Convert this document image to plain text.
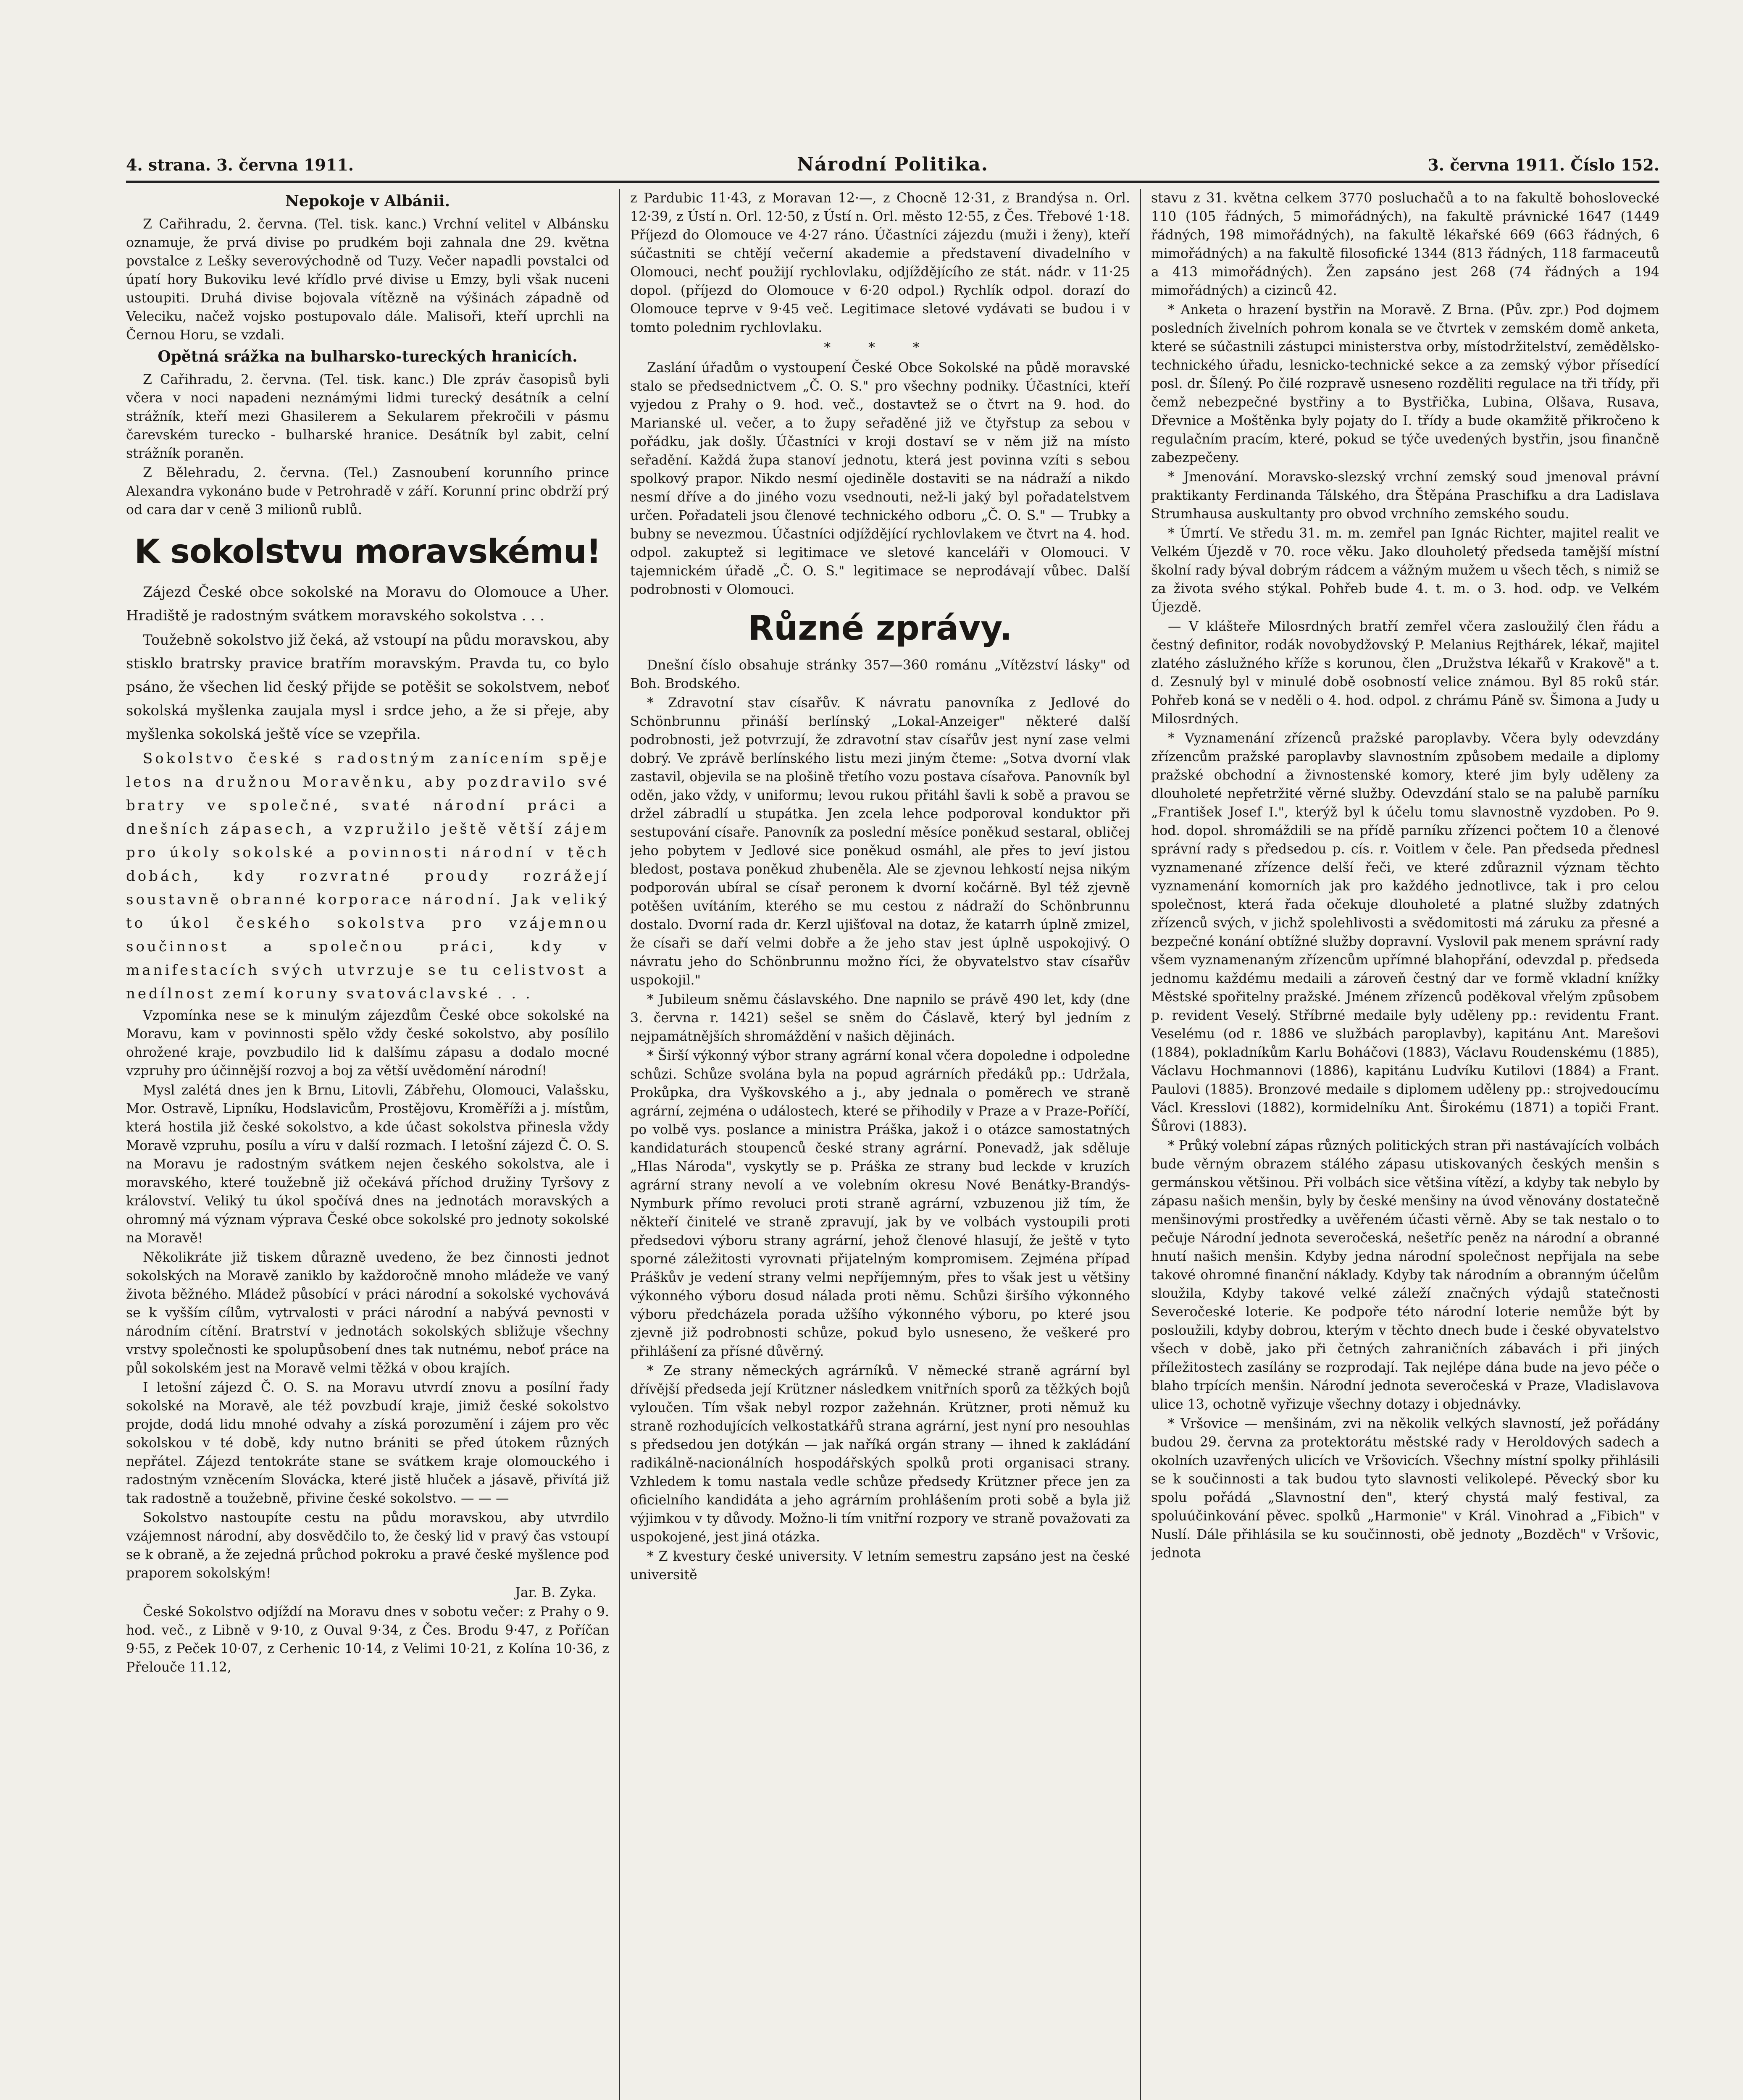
4. strana. 3. června 1911.	Národní Politika.	3. června 1911. Číslo 152.
Nepokoje v Albánii.

Z Cařihradu, 2. června. (Tel. tisk. kanc.) Vrchní velitel v Albánsku oznamuje, že prvá divise po prudkém boji zahnala dne 29. května povstalce z Lešky severovýchodně od Tuzy. Večer napadli povstalci od úpatí hory Bukoviku levé křídlo prvé divise u Emzy, byli však nuceni ustoupiti. Druhá divise bojovala vítězně na výšinách západně od Veleciku, načež vojsko postupovalo dále. Malisoři, kteří uprchli na Černou Horu, se vzdali.

Opětná srážka na bulharsko-tureckých hranicích.

Z Cařihradu, 2. června. (Tel. tisk. kanc.) Dle zpráv časopisů byli včera v noci napadeni neznámými lidmi turecký desátník a celní strážník, kteří mezi Ghasilerem a Sekularem překročili v pásmu čarevském turecko - bulharské hranice. Desátník byl zabit, celní strážník poraněn.

Z Bělehradu, 2. června. (Tel.) Zasnoubení korunního prince Alexandra vykonáno bude v Petrohradě v září. Korunní princ obdrží prý od cara dar v ceně 3 milionů rublů.

K sokolstvu moravskému!

Zájezd České obce sokolské na Moravu do Olomouce a Uher. Hradiště je radostným svátkem moravského sokolstva . . .

Toužebně sokolstvo již čeká, až vstoupí na půdu moravskou, aby stisklo bratrsky pravice bratřím moravským. Pravda tu, co bylo psáno, že všechen lid český přijde se potěšit se sokolstvem, neboť sokolská myšlenka zaujala mysl i srdce jeho, a že si přeje, aby myšlenka sokolská ještě více se vzepřila.

Sokolstvo české s radostným zanícením spěje letos na družnou Moravěnku, aby pozdravilo své bratry ve společné, svaté národní práci a dnešních zápasech, a vzpružilo ještě větší zájem pro úkoly sokolské a povinnosti národní v těch dobách, kdy rozvratné proudy rozrážejí soustavně obranné korporace národní. Jak veliký to úkol českého sokolstva pro vzájemnou součinnost a společnou práci, kdy v manifestacích svých utvrzuje se tu celistvost a nedílnost zemí koruny svatováclavské . . .

Vzpomínka nese se k minulým zájezdům České obce sokolské na Moravu, kam v povinnosti spělo vždy české sokolstvo, aby posílilo ohrožené kraje, povzbudilo lid k dalšímu zápasu a dodalo mocné vzpruhy pro účinnější rozvoj a boj za větší uvědomění národní!

Mysl zalétá dnes jen k Brnu, Litovli, Zábřehu, Olomouci, Valašsku, Mor. Ostravě, Lipníku, Hodslavicům, Prostějovu, Kroměříži a j. místům, která hostila již české sokolstvo, a kde účast sokolstva přinesla vždy Moravě vzpruhu, posílu a víru v další rozmach. I letošní zájezd Č. O. S. na Moravu je radostným svátkem nejen českého sokolstva, ale i moravského, které toužebně již očekává příchod družiny Tyršovy z království. Veliký tu úkol spočívá dnes na jednotách moravských a ohromný má význam výprava České obce sokolské pro jednoty sokolské na Moravě!

Několikráte již tiskem důrazně uvedeno, že bez činnosti jednot sokolských na Moravě zaniklo by každoročně mnoho mládeže ve vaný života běžného. Mládež působící v práci národní a sokolské vychovává se k vyšším cílům, vytrvalosti v práci národní a nabývá pevnosti v národním cítění. Bratrství v jednotách sokolských sbližuje všechny vrstvy společnosti ke spolupůsobení dnes tak nutnému, neboť práce na půl sokolském jest na Moravě velmi těžká v obou krajích.

I letošní zájezd Č. O. S. na Moravu utvrdí znovu a posílní řady sokolské na Moravě, ale též povzbudí kraje, jimiž české sokolstvo projde, dodá lidu mnohé odvahy a získá porozumění i zájem pro věc sokolskou v té době, kdy nutno brániti se před útokem různých nepřátel. Zájezd tentokráte stane se svátkem kraje olomouckého i radostným vzněcením Slovácka, které jistě hluček a jásavě, přivítá již tak radostně a toužebně, přivine české sokolstvo. — — —

Sokolstvo nastoupíte cestu na půdu moravskou, aby utvrdilo vzájemnost národní, aby dosvědčilo to, že český lid v pravý čas vstoupí se k obraně, a že zejedná průchod pokroku a pravé české myšlence pod praporem sokolským!

Jar. B. Zyka.

České Sokolstvo odjíždí na Moravu dnes v sobotu večer: z Prahy o 9. hod. več., z Libně v 9·10, z Ouval 9·34, z Čes. Brodu 9·47, z Poříčan 9·55, z Peček 10·07, z Cerhenic 10·14, z Velimi 10·21, z Kolína 10·36, z Přelouče 11.12,

z Pardubic 11·43, z Moravan 12·—, z Chocně 12·31, z Brandýsa n. Orl. 12·39, z Ústí n. Orl. 12·50, z Ústí n. Orl. město 12·55, z Čes. Třebové 1·18. Příjezd do Olomouce ve 4·27 ráno. Účastníci zájezdu (muži i ženy), kteří súčastniti se chtějí večerní akademie a představení divadelního v Olomouci, nechť použijí rychlovlaku, odjíždějícího ze stát. nádr. v 11·25 dopol. (příjezd do Olomouce v 6·20 odpol.) Rychlík odpol. dorazí do Olomouce teprve v 9·45 več. Legitimace sletové vydávati se budou i v tomto polednim rychlovlaku.

* * *

Zaslání úřadům o vystoupení České Obce Sokolské na půdě moravské stalo se předsednictvem „Č. O. S." pro všechny podniky. Účastníci, kteří vyjedou z Prahy o 9. hod. več., dostavtež se o čtvrt na 9. hod. do Marianské ul. večer, a to župy seřaděné již ve čtyřstup za sebou v pořádku, jak došly. Účastníci v kroji dostaví se v něm již na místo seřadění. Každá župa stanoví jednotu, která jest povinna vzíti s sebou spolkový prapor. Nikdo nesmí ojediněle dostaviti se na nádraží a nikdo nesmí dříve a do jiného vozu vsednouti, než-li jaký byl pořadatelstvem určen. Pořadateli jsou členové technického odboru „Č. O. S." — Trubky a bubny se nevezmou. Účastníci odjíždějící rychlovlakem ve čtvrt na 4. hod. odpol. zakuptež si legitimace ve sletové kanceláři v Olomouci. V tajemnickém úřadě „Č. O. S." legitimace se neprodávají vůbec. Další podrobnosti v Olomouci.

Různé zprávy.

Dnešní číslo obsahuje stránky 357—360 románu „Vítězství lásky" od Boh. Brodského.

* Zdravotní stav císařův. K návratu panovníka z Jedlové do Schönbrunnu přináší berlínský „Lokal-Anzeiger" některé další podrobnosti, jež potvrzují, že zdravotní stav císařův jest nyní zase velmi dobrý. Ve zprávě berlínského listu mezi jiným čteme: „Sotva dvorní vlak zastavil, objevila se na plošině třetího vozu postava císařova. Panovník byl oděn, jako vždy, v uniformu; levou rukou přitáhl šavli k sobě a pravou se držel zábradlí u stupátka. Jen zcela lehce podporoval konduktor při sestupování císaře. Panovník za poslední měsíce poněkud sestaral, obličej jeho pobytem v Jedlové sice poněkud osmáhl, ale přes to jeví jistou bledost, postava poněkud zhubeněla. Ale se zjevnou lehkostí nejsa nikým podporován ubíral se císař peronem k dvorní kočárně. Byl též zjevně potěšen uvítáním, kterého se mu cestou z nádraží do Schönbrunnu dostalo. Dvorní rada dr. Kerzl ujišťoval na dotaz, že katarrh úplně zmizel, že císaři se daří velmi dobře a že jeho stav jest úplně uspokojivý. O návratu jeho do Schönbrunnu možno říci, že obyvatelstvo stav císařův uspokojil."

* Jubileum sněmu čáslavského. Dne napnilo se právě 490 let, kdy (dne 3. června r. 1421) sešel se sněm do Čáslavě, který byl jedním z nejpamátnějších shromáždění v našich dějinách.

* Širší výkonný výbor strany agrární konal včera dopoledne i odpoledne schůzi. Schůze svolána byla na popud agrárních předáků pp.: Udržala, Prokůpka, dra Vyškovského a j., aby jednala o poměrech ve straně agrární, zejména o událostech, které se přihodily v Praze a v Praze-Poříčí, po volbě vys. poslance a ministra Práška, jakož i o otázce samostatných kandidaturách stoupenců české strany agrární. Ponevadž, jak sděluje „Hlas Národa", vyskytly se p. Práška ze strany bud leckde v kruzích agrární strany nevolí a ve volebním okresu Nové Benátky-Brandýs-Nymburk přímo revoluci proti straně agrární, vzbuzenou již tím, že někteří činitelé ve straně zpravují, jak by ve volbách vystoupili proti předsedovi výboru strany agrární, jehož členové hlasují, že ještě v tyto sporné záležitosti vyrovnati přijatelným kompromisem. Zejména případ Práškův je vedení strany velmi nepříjemným, přes to však jest u většiny výkonného výboru dosud nálada proti němu. Schůzi širšího výkonného výboru předcházela porada užšího výkonného výboru, po které jsou zjevně již podrobnosti schůze, pokud bylo usneseno, že veškeré pro přihlášení za přísné důvěrný.

* Ze strany německých agrárníků. V německé straně agrární byl dřívější předseda její Krützner následkem vnitřních sporů za těžkých bojů vyloučen. Tím však nebyl rozpor zažehnán. Krützner, proti němuž ku straně rozhodujících velkostatkářů strana agrární, jest nyní pro nesouhlas s předsedou jen dotýkán — jak naříká orgán strany — ihned k zakládání radikálně-nacionálních hospodářských spolků proti organisaci strany. Vzhledem k tomu nastala vedle schůze předsedy Krützner přece jen za oficielního kandidáta a jeho agrárním prohlášením proti sobě a byla již výjimkou v ty důvody. Možno-li tím vnitřní rozpory ve straně považovati za uspokojené, jest jiná otázka.

* Z kvestury české university. V letním semestru zapsáno jest na české universitě

stavu z 31. května celkem 3770 posluchačů a to na fakultě bohoslovecké 110 (105 řádných, 5 mimořádných), na fakultě právnické 1647 (1449 řádných, 198 mimořádných), na fakultě lékařské 669 (663 řádných, 6 mimořádných) a na fakultě filosofické 1344 (813 řádných, 118 farmaceutů a 413 mimořádných). Žen zapsáno jest 268 (74 řádných a 194 mimořádných) a cizinců 42.

* Anketa o hrazení bystřin na Moravě. Z Brna. (Pův. zpr.) Pod dojmem posledních živelních pohrom konala se ve čtvrtek v zemském domě anketa, které se súčastnili zástupci ministerstva orby, místodržitelství, zemědělsko-technického úřadu, lesnicko-technické sekce a za zemský výbor přísedící posl. dr. Šílený. Po čilé rozpravě usneseno rozděliti regulace na tři třídy, při čemž nebezpečné bystřiny a to Bystřička, Lubina, Olšava, Rusava, Dřevnice a Moštěnka byly pojaty do I. třídy a bude okamžitě přikročeno k regulačním pracím, které, pokud se týče uvedených bystřin, jsou finančně zabezpečeny.

* Jmenování. Moravsko-slezský vrchní zemský soud jmenoval právní praktikanty Ferdinanda Tálského, dra Štěpána Praschifku a dra Ladislava Strumhausa auskultanty pro obvod vrchního zemského soudu.

* Úmrtí. Ve středu 31. m. m. zemřel pan Ignác Richter, majitel realit ve Velkém Újezdě v 70. roce věku. Jako dlouholetý předseda tamější místní školní rady býval dobrým rádcem a vážným mužem u všech těch, s nimiž se za života svého stýkal. Pohřeb bude 4. t. m. o 3. hod. odp. ve Velkém Újezdě.

— V klášteře Milosrdných bratří zemřel včera zasloužilý člen řádu a čestný definitor, rodák novobydžovský P. Melanius Rejthárek, lékař, majitel zlatého záslužného kříže s korunou, člen „Družstva lékařů v Krakově" a t. d. Zesnulý byl v minulé době osobností velice známou. Byl 85 roků stár. Pohřeb koná se v neděli o 4. hod. odpol. z chrámu Páně sv. Šimona a Judy u Milosrdných.

* Vyznamenání zřízenců pražské paroplavby. Včera byly odevzdány zřízencům pražské paroplavby slavnostním způsobem medaile a diplomy pražské obchodní a živnostenské komory, které jim byly uděleny za dlouholeté nepřetržité věrné služby. Odevzdání stalo se na palubě parníku „František Josef I.", kterýž byl k účelu tomu slavnostně vyzdoben. Po 9. hod. dopol. shromáždili se na přídě parníku zřízenci počtem 10 a členové správní rady s předsedou p. cís. r. Voitlem v čele. Pan předseda přednesl vyznamenané zřízence delší řeči, ve které zdůraznil význam těchto vyznamenání komorních jak pro každého jednotlivce, tak i pro celou společnost, která řada očekuje dlouholeté a platné služby zdatných zřízenců svých, v jichž spolehlivosti a svědomitosti má záruku za přesné a bezpečné konání obtížné služby dopravní. Vyslovil pak menem správní rady všem vyznamenaným zřízencům upřímné blahopřání, odevzdal p. předseda jednomu každému medaili a zároveň čestný dar ve formě vkladní knížky Městské spořitelny pražské. Jménem zřízenců poděkoval vřelým způsobem p. revident Veselý. Stříbrné medaile byly uděleny pp.: revidentu Frant. Veselému (od r. 1886 ve službách paroplavby), kapitánu Ant. Marešovi (1884), pokladníkům Karlu Boháčovi (1883), Václavu Roudenskému (1885), Václavu Hochmannovi (1886), kapitánu Ludvíku Kutilovi (1884) a Frant. Paulovi (1885). Bronzové medaile s diplomem uděleny pp.: strojvedoucímu Václ. Kresslovi (1882), kormidelníku Ant. Širokému (1871) a topiči Frant. Šůrovi (1883).

* Průký volební zápas různých politických stran při nastávajících volbách bude věrným obrazem stálého zápasu utiskovaných českých menšin s germánskou většinou. Při volbách sice většina vítězí, a kdyby tak nebylo by zápasu našich menšin, byly by české menšiny na úvod věnovány dostatečně menšinovými prostředky a uvěřeném účasti věrně. Aby se tak nestalo o to pečuje Národní jednota severočeská, nešetříc peněz na národní a obranné hnutí našich menšin. Kdyby jedna národní společnost nepřijala na sebe takové ohromné finanční náklady. Kdyby tak národním a obranným účelům sloužila, Kdyby takové velké záleží značných výdajů statečnosti Severočeské loterie. Ke podpoře této národní loterie nemůže být by posloužili, kdyby dobrou, kterým v těchto dnech bude i české obyvatelstvo všech v době, jako při četných zahraničních zábavách i při jiných příležitostech zasílány se rozprodají. Tak nejlépe dána bude na jevo péče o blaho trpících menšin. Národní jednota severočeská v Praze, Vladislavova ulice 13, ochotně vyřizuje všechny dotazy i objednávky.

* Vršovice — menšinám, zvi na několik velkých slavností, jež pořádány budou 29. června za protektorátu městské rady v Heroldových sadech a okolních uzavřených ulicích ve Vršovicích. Všechny místní spolky přihlásili se k součinnosti a tak budou tyto slavnosti velikolepé. Pěvecký sbor ku spolu pořádá „Slavnostní den", který chystá malý festival, za spoluúčinkování pěvec. spolků „Harmonie" v Král. Vinohrad a „Fibich" v Nuslí. Dále přihlásila se ku součinnosti, obě jednoty „Bozděch" v Vršovic, jednota
